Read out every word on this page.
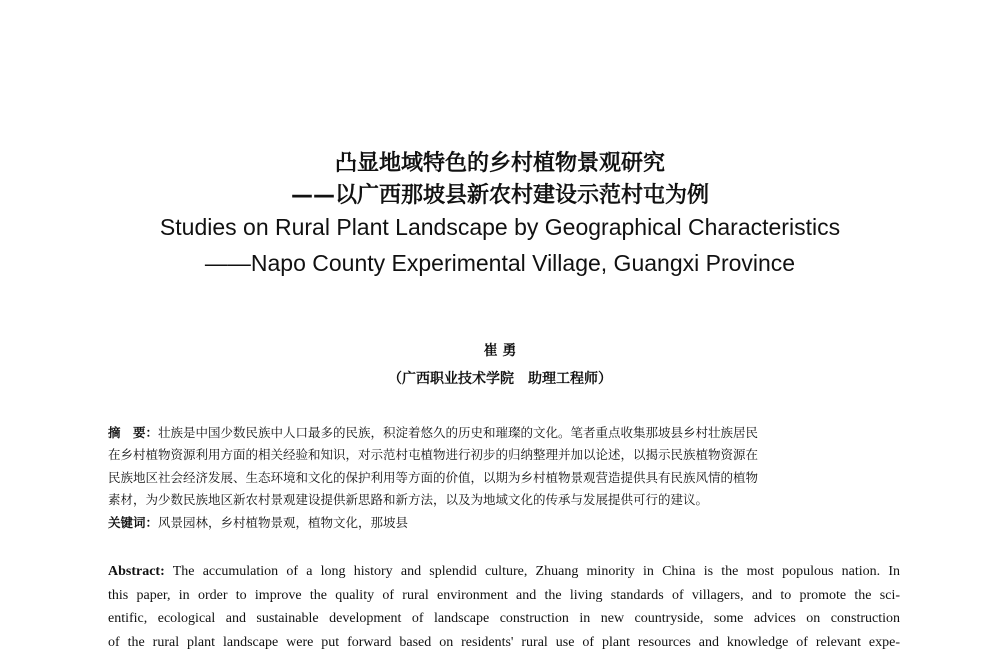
凸显地域特色的乡村植物景观研究
——以广西那坡县新农村建设示范村屯为例
Studies on Rural Plant Landscape by Geographical Characteristics
——Napo County Experimental Village, Guangxi Province
崔 勇
（广西职业技术学院　助理工程师）
摘　要：壮族是中国少数民族中人口最多的民族，积淀着悠久的历史和璀璨的文化。笔者重点收集那坡县乡村壮族居民
在乡村植物资源利用方面的相关经验和知识，对示范村屯植物进行初步的归纳整理并加以论述，以揭示民族植物资源在
民族地区社会经济发展、生态环境和文化的保护利用等方面的价值，以期为乡村植物景观营造提供具有民族风情的植物
素材，为少数民族地区新农村景观建设提供新思路和新方法，以及为地域文化的传承与发展提供可行的建议。
关键词：风景园林，乡村植物景观，植物文化，那坡县
Abstract: The accumulation of a long history and splendid culture, Zhuang minority in China is the most populous nation. In
this paper, in order to improve the quality of rural environment and the living standards of villagers, and to promote the sci-
entific, ecological and sustainable development of landscape construction in new countryside, some advices on construction
of the rural plant landscape were put forward based on residents' rural use of plant resources and knowledge of relevant expe-
